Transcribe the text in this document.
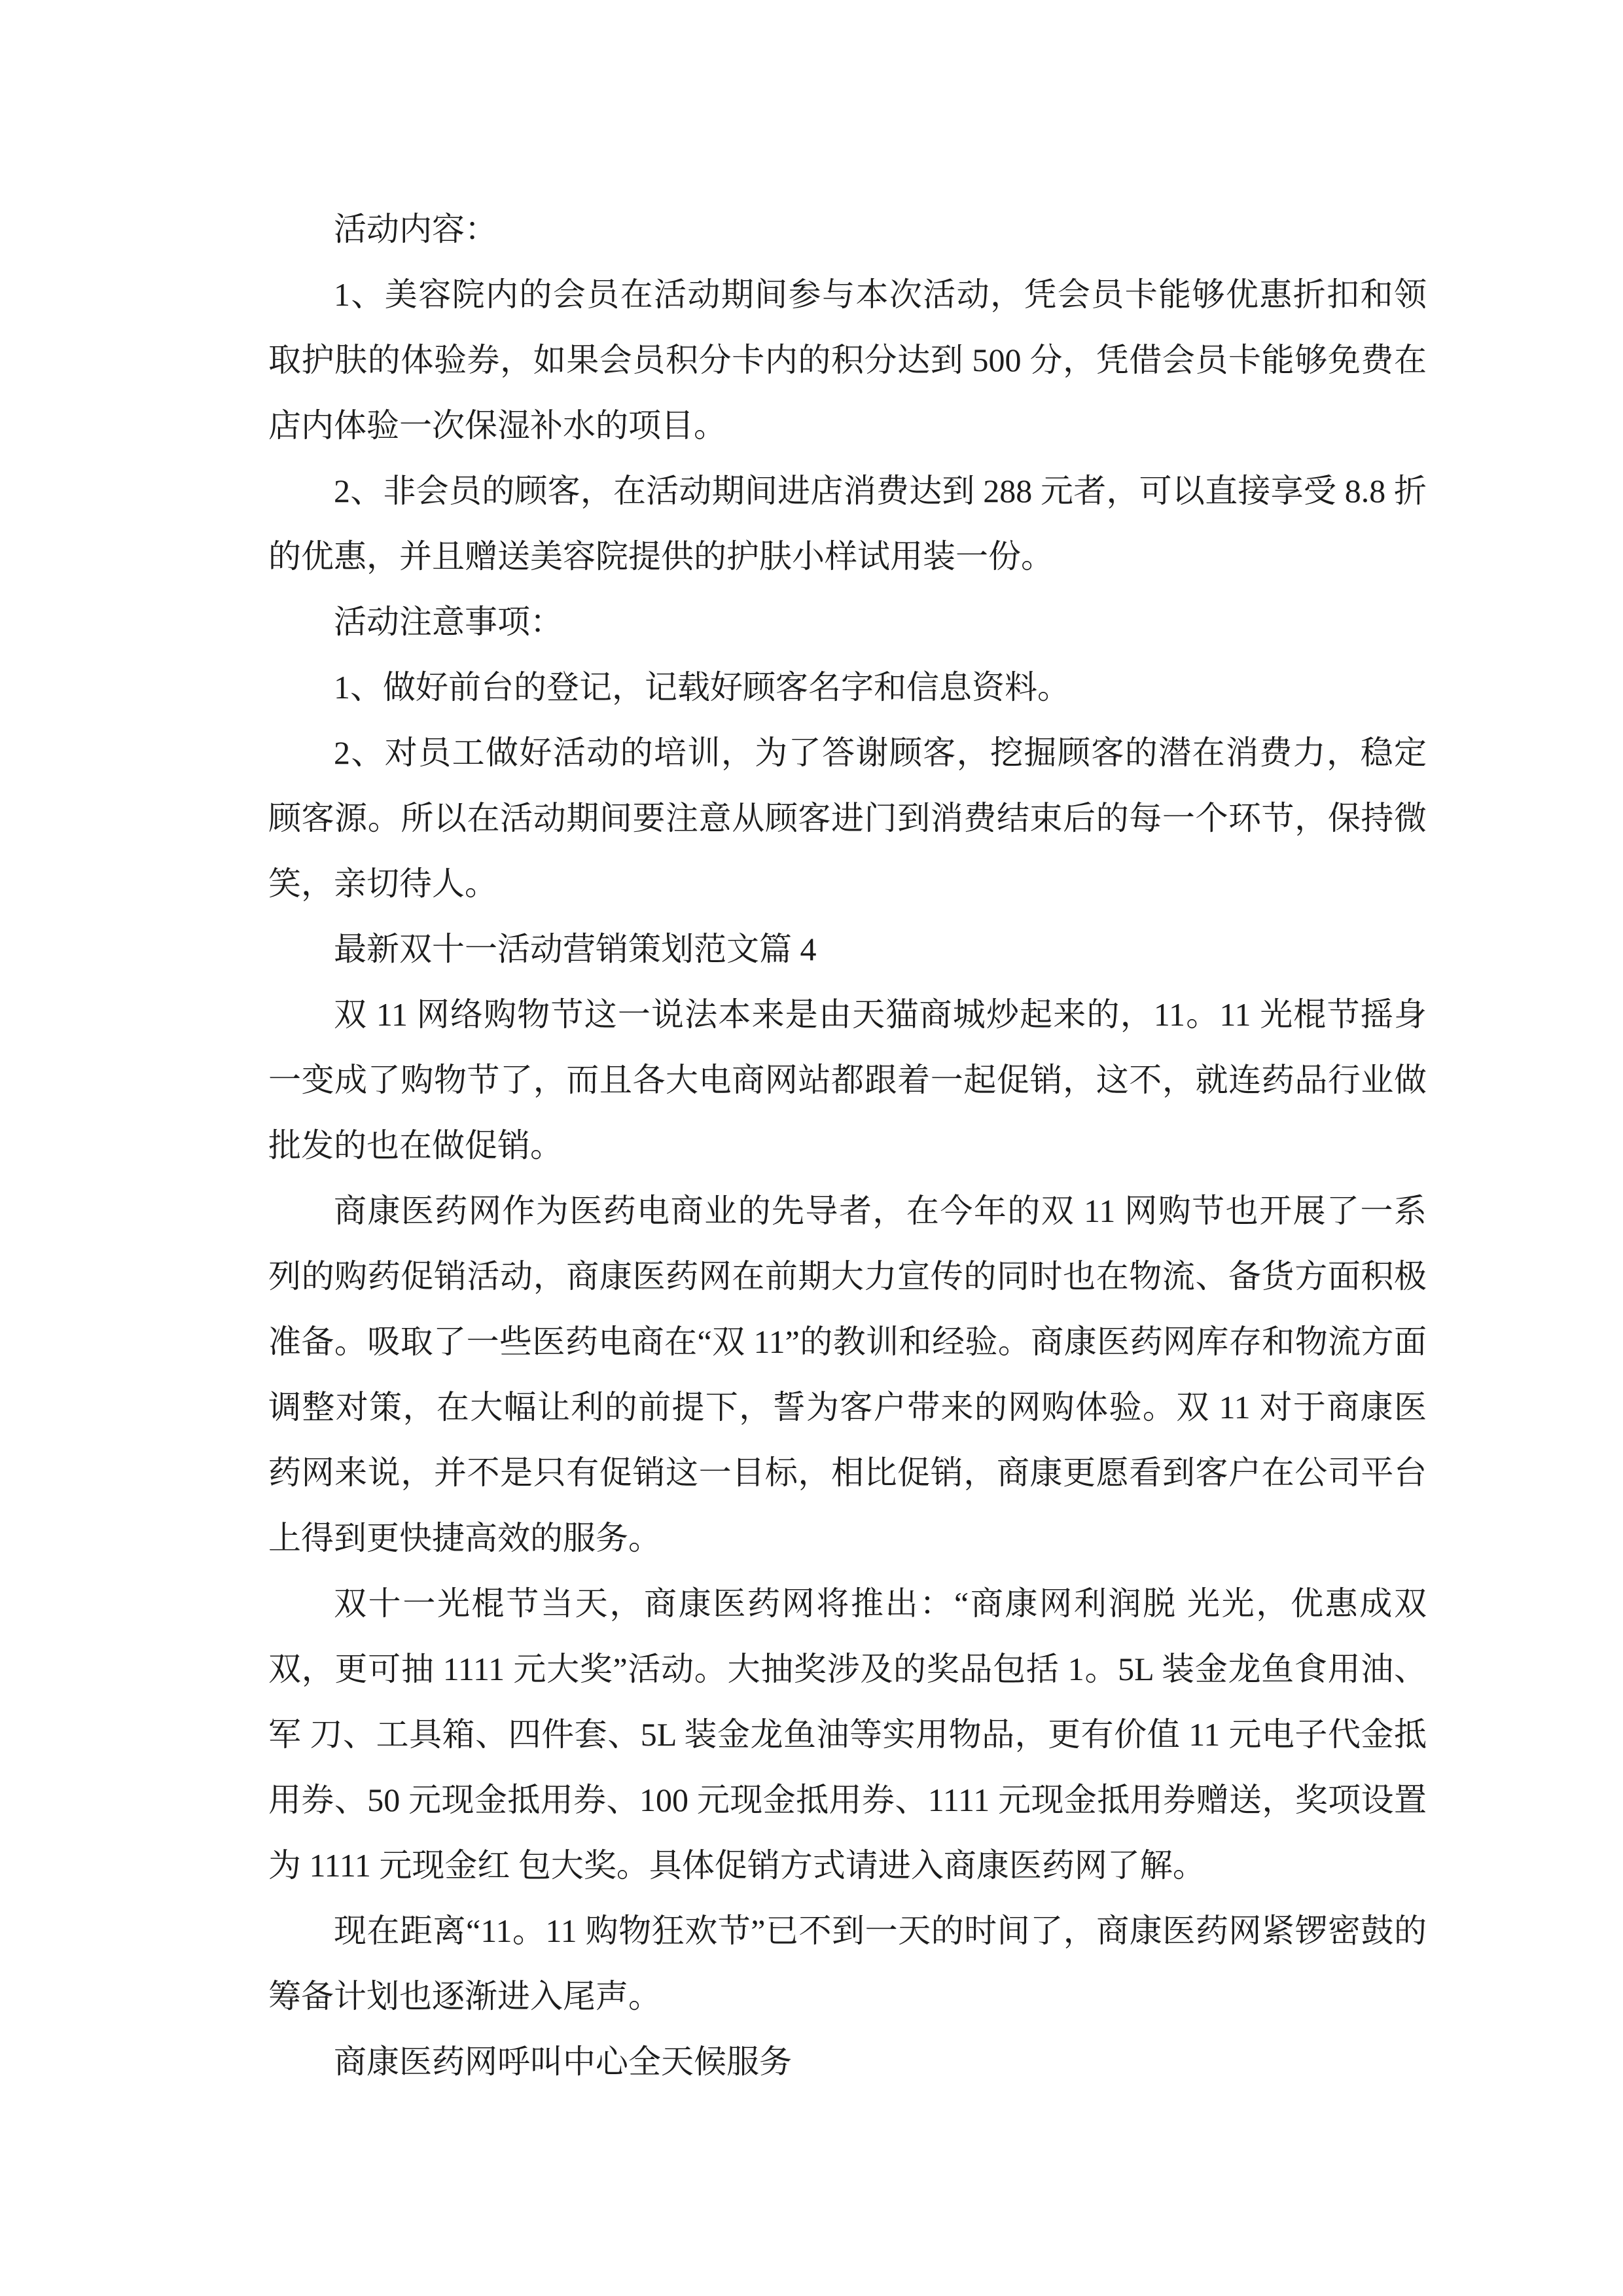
活动内容：

1、美容院内的会员在活动期间参与本次活动，凭会员卡能够优惠折扣和领取护肤的体验券，如果会员积分卡内的积分达到 500 分，凭借会员卡能够免费在店内体验一次保湿补水的项目。

2、非会员的顾客，在活动期间进店消费达到 288 元者，可以直接享受 8.8 折的优惠，并且赠送美容院提供的护肤小样试用装一份。

活动注意事项：

1、做好前台的登记，记载好顾客名字和信息资料。

2、对员工做好活动的培训，为了答谢顾客，挖掘顾客的潜在消费力，稳定顾客源。所以在活动期间要注意从顾客进门到消费结束后的每一个环节，保持微笑，亲切待人。

最新双十一活动营销策划范文篇 4

双 11 网络购物节这一说法本来是由天猫商城炒起来的，11。11 光棍节摇身一变成了购物节了，而且各大电商网站都跟着一起促销，这不，就连药品行业做批发的也在做促销。

商康医药网作为医药电商业的先导者，在今年的双 11 网购节也开展了一系列的购药促销活动，商康医药网在前期大力宣传的同时也在物流、备货方面积极准备。吸取了一些医药电商在“双 11”的教训和经验。商康医药网库存和物流方面调整对策，在大幅让利的前提下，誓为客户带来的网购体验。双 11 对于商康医药网来说，并不是只有促销这一目标，相比促销，商康更愿看到客户在公司平台上得到更快捷高效的服务。

双十一光棍节当天，商康医药网将推出：“商康网利润脱 光光，优惠成双双，更可抽 1111 元大奖”活动。大抽奖涉及的奖品包括 1。5L 装金龙鱼食用油、军 刀、工具箱、四件套、5L 装金龙鱼油等实用物品，更有价值 11 元电子代金抵用券、50 元现金抵用券、100 元现金抵用券、1111 元现金抵用券赠送，奖项设置为 1111 元现金红 包大奖。具体促销方式请进入商康医药网了解。

现在距离“11。11 购物狂欢节”已不到一天的时间了，商康医药网紧锣密鼓的筹备计划也逐渐进入尾声。

商康医药网呼叫中心全天候服务
